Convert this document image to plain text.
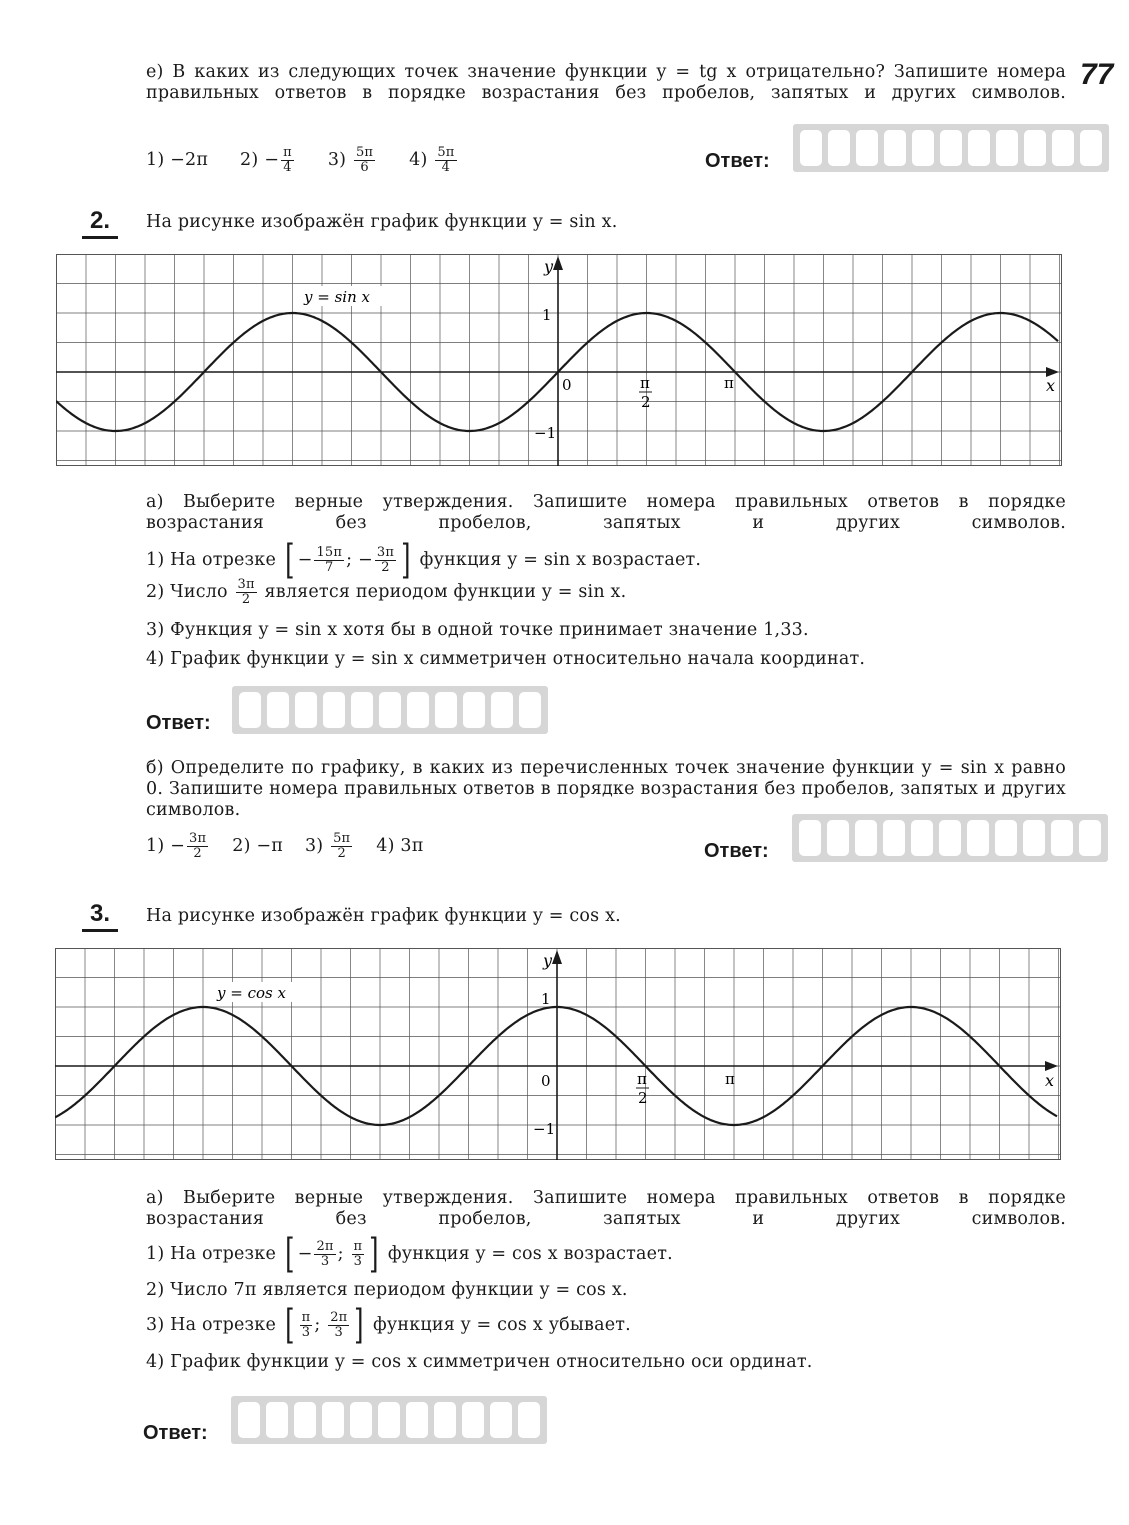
77
е) В каких из следующих точек значение функции y = tg x отрицательно? Запишите номера правильных ответов в порядке возрастания без пробелов, запятых и других символов.
1) −2π $2) - \frac{\pi}{4} 3) \frac{5\pi}{6} 4) \frac{5\pi}{4}$	Ответ:
2.	На рисунке изображён график функции y = sin x.
y
x
1
−1
0	π
2
π
y = sin x
а) Выберите верные утверждения. Запишите номера правильных ответов в порядке возрастания без пробелов, запятых и других символов.
1) На отрезке
[ − $\frac{15\pi}{7}$ ; − $\frac{3\pi}{2}$ ]
функция y = sin x возрастает.
2) Число
$\frac{3\pi}{2}$
является периодом функции y = sin x.
3) Функция y = sin x хотя бы в одной точке принимает значение 1,33.
4) График функции y = sin x симметричен относительно начала координат.
Ответ:
б) Определите по графику, в каких из перечисленных точек значение функции y = sin x равно 0. Запишите номера правильных ответов в порядке возрастания без пробелов, запятых и других символов.
$1) - \frac{3\pi}{2} 2) -\pi$ 3)
$\frac{5\pi}{2} 4$) 3π	Ответ:
3.	На рисунке изображён график функции y = cos x.
y
x
1
−1
0	π
2
π
y = cos x
а) Выберите верные утверждения. Запишите номера правильных ответов в порядке возрастания без пробелов, запятых и других символов.
1) На отрезке
[ − $\frac{2\pi}{3}$ ; $\frac{\pi}{3}$ ]
функция y = cos x возрастает.
2) Число 7π является периодом функции y = cos x.
3) На отрезке
[ $\frac{\pi}{3}$ ; $\frac{2\pi}{3}$ ]
функция y = cos x убывает.
4) График функции y = cos x симметричен относительно оси ординат.
Ответ:
